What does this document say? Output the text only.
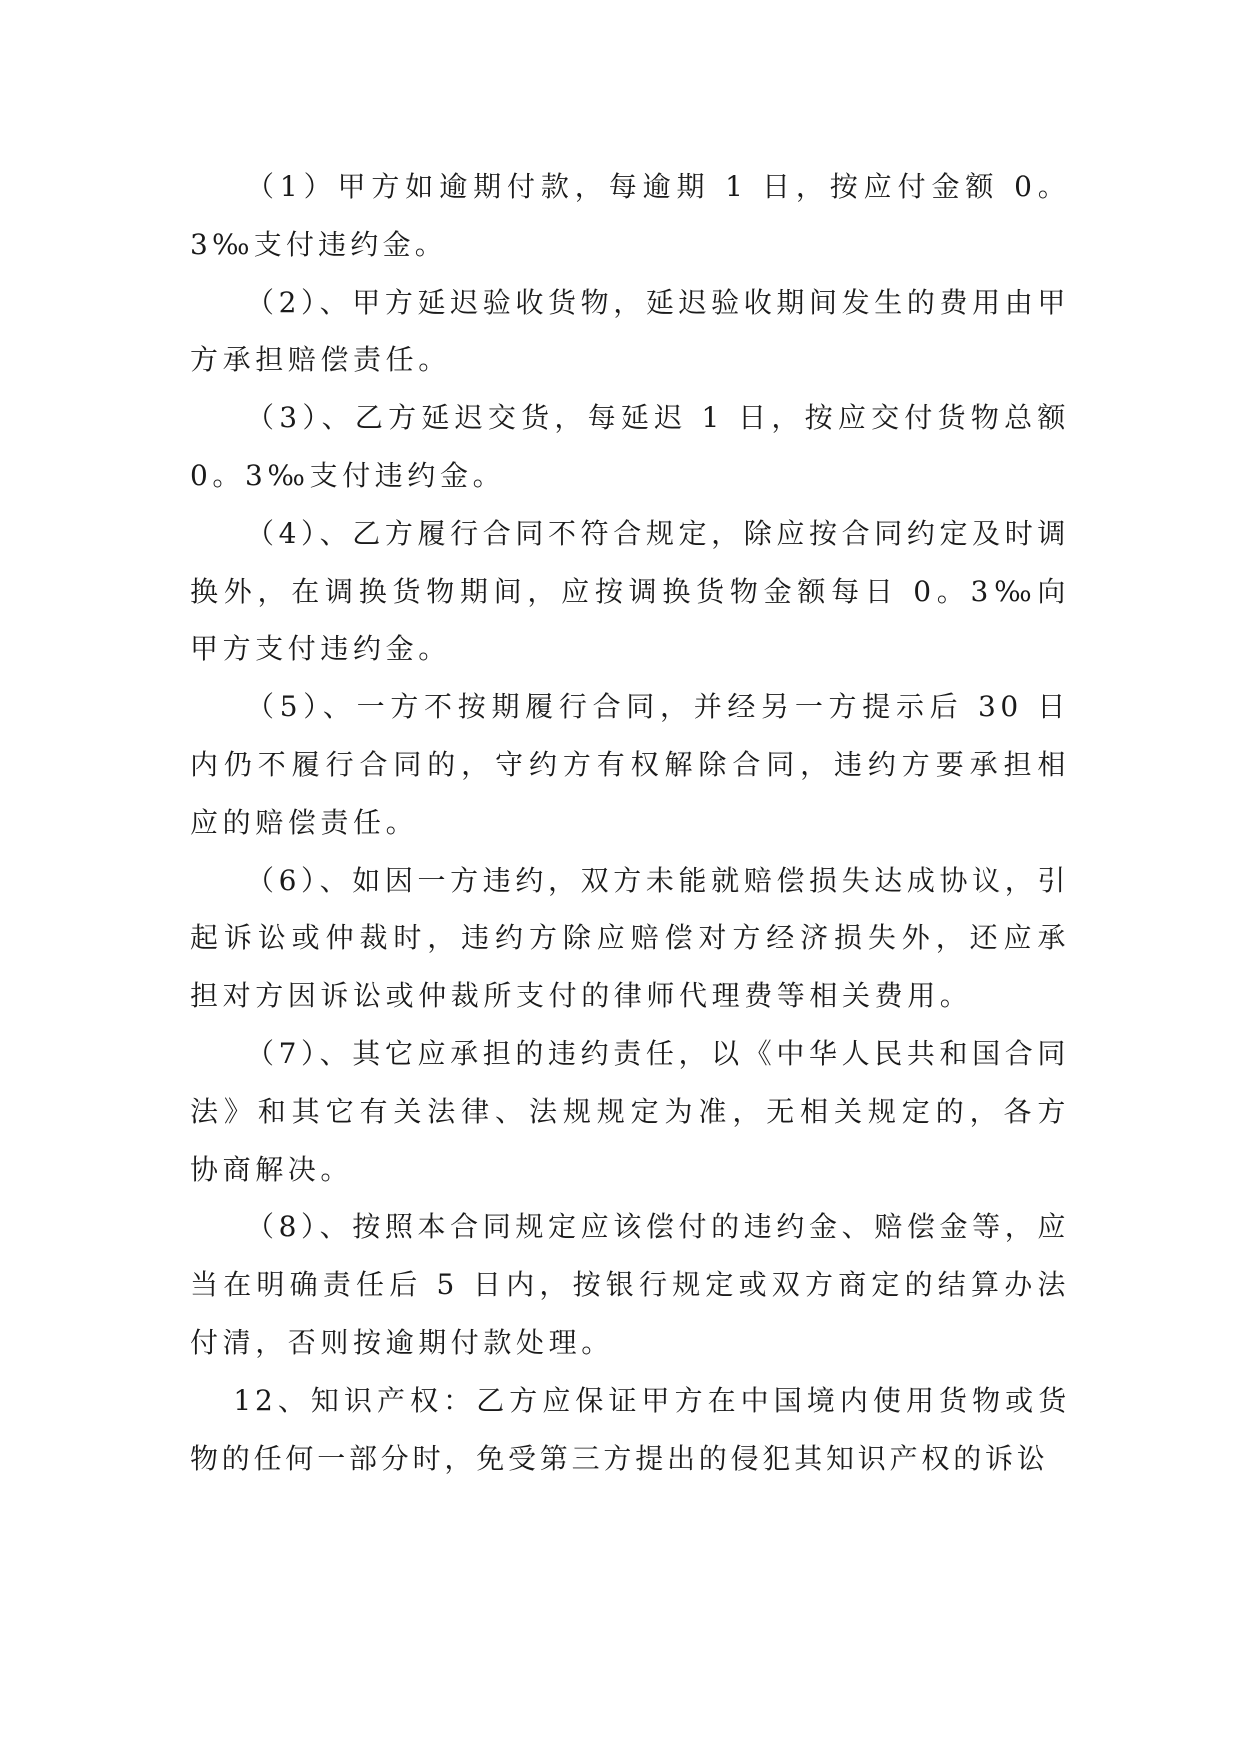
（1）甲方如逾期付款，每逾期 1 日，按应付金额 0。3‰支付违约金。

（2）、甲方延迟验收货物，延迟验收期间发生的费用由甲方承担赔偿责任。

（3）、乙方延迟交货，每延迟 1 日，按应交付货物总额 0。3‰支付违约金。

（4）、乙方履行合同不符合规定，除应按合同约定及时调换外，在调换货物期间，应按调换货物金额每日 0。3‰向甲方支付违约金。

（5）、一方不按期履行合同，并经另一方提示后 30 日内仍不履行合同的，守约方有权解除合同，违约方要承担相应的赔偿责任。

（6）、如因一方违约，双方未能就赔偿损失达成协议，引起诉讼或仲裁时，违约方除应赔偿对方经济损失外，还应承担对方因诉讼或仲裁所支付的律师代理费等相关费用。

（7）、其它应承担的违约责任，以《中华人民共和国合同法》和其它有关法律、法规规定为准，无相关规定的，各方协商解决。

（8）、按照本合同规定应该偿付的违约金、赔偿金等，应当在明确责任后 5 日内，按银行规定或双方商定的结算办法付清，否则按逾期付款处理。

12、知识产权：乙方应保证甲方在中国境内使用货物或货物的任何一部分时，免受第三方提出的侵犯其知识产权的诉讼
